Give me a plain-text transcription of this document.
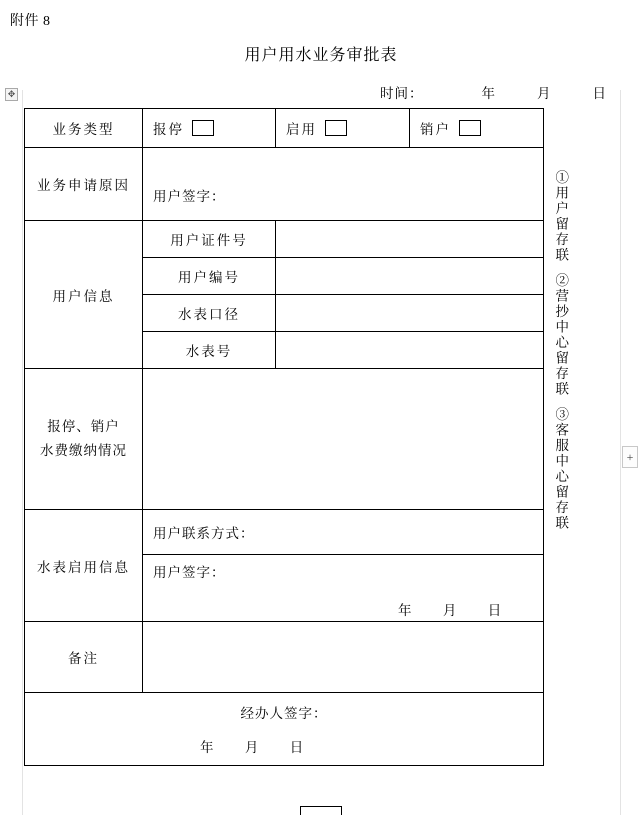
附件 8
用户用水业务审批表
时间：	年	月	日
✥
+
业务类型	报停	启用	销户

业务申请原因	用户签字：		

用户信息	用户证件号		
	用户编号		
	水表口径		
	水表号		

报停、销户
水费缴纳情况			

水表启用信息	用户联系方式：		

	用户签字：
年 月 日		

备注			

经办人签字：
年 月 日			
①用户留存联
②营抄中心留存联
③客服中心留存联
